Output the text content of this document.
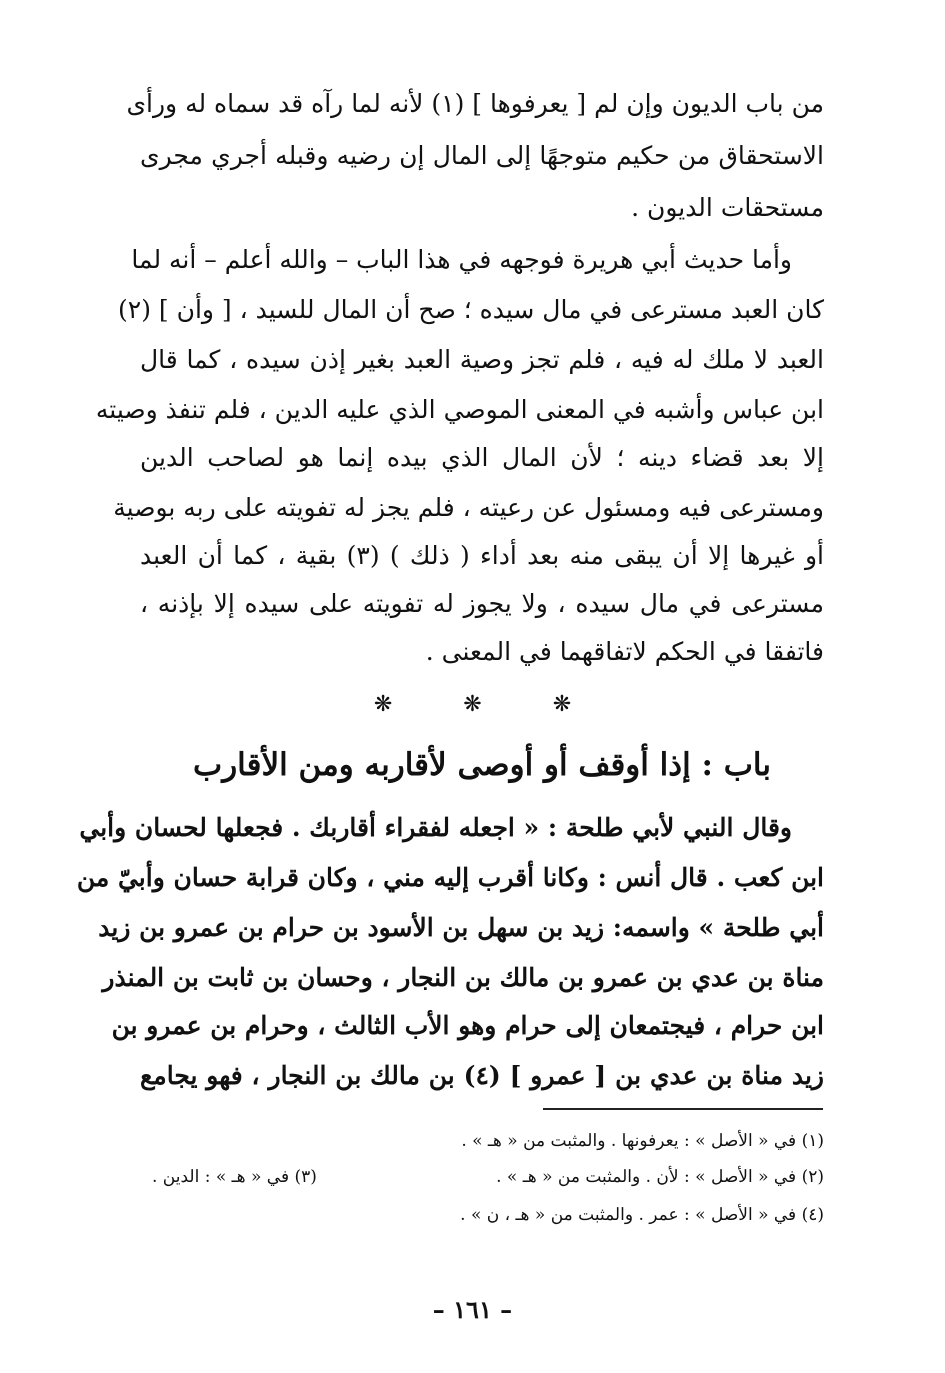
من باب الديون وإن لم [ يعرفوها ] (١) لأنه لما رآه قد سماه له ورأى
الاستحقاق من حكيم متوجهًا إلى المال إن رضيه وقبله أجري مجرى
مستحقات الديون .
وأما حديث أبي هريرة فوجهه في هذا الباب – والله أعلم – أنه لما
كان العبد مسترعى في مال سيده ؛ صح أن المال للسيد ، [ وأن ] (٢)
العبد لا ملك له فيه ، فلم تجز وصية العبد بغير إذن سيده ، كما قال
ابن عباس وأشبه في المعنى الموصي الذي عليه الدين ، فلم تنفذ وصيته
إلا بعد قضاء دينه ؛ لأن المال الذي بيده إنما هو لصاحب الدين
ومسترعى فيه ومسئول عن رعيته ، فلم يجز له تفويته على ربه بوصية
أو غيرها إلا أن يبقى منه بعد أداء ( ذلك ) (٣) بقية ، كما أن العبد
مسترعى في مال سيده ، ولا يجوز له تفويته على سيده إلا بإذنه ،
فاتفقا في الحكم لاتفاقهما في المعنى .
❋	❋	❋
باب : إذا أوقف أو أوصى لأقاربه ومن الأقارب
وقال النبي لأبي طلحة : « اجعله لفقراء أقاربك . فجعلها لحسان وأبي
ابن كعب . قال أنس : وكانا أقرب إليه مني ، وكان قرابة حسان وأبيّ من
أبي طلحة » واسمه: زيد بن سهل بن الأسود بن حرام بن عمرو بن زيد
مناة بن عدي بن عمرو بن مالك بن النجار ، وحسان بن ثابت بن المنذر
ابن حرام ، فيجتمعان إلى حرام وهو الأب الثالث ، وحرام بن عمرو بن
زيد مناة بن عدي بن [ عمرو ] (٤) بن مالك بن النجار ، فهو يجامع
(١) في « الأصل » : يعرفونها . والمثبت من « هـ » .
(٢) في « الأصل » : لأن . والمثبت من « هـ » .
(٣) في « هـ » : الدين .
(٤) في « الأصل » : عمر . والمثبت من « هـ ، ن » .
– ١٦١ –
